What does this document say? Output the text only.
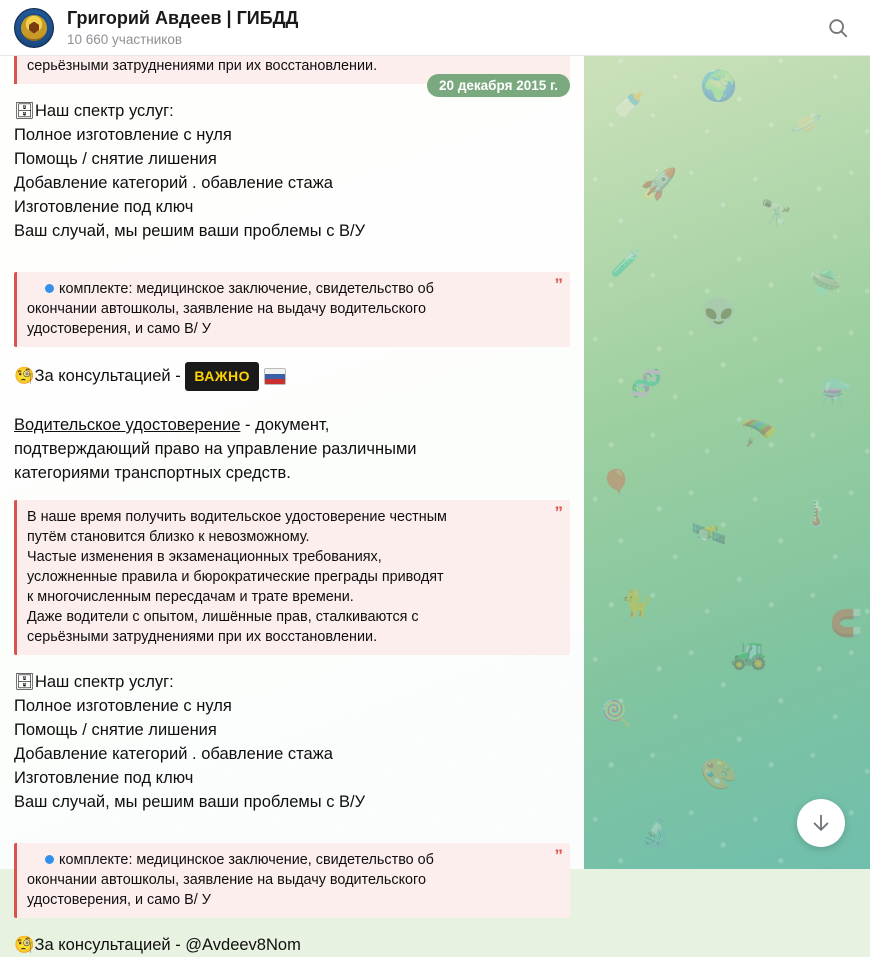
🍼
🌍
🪐
🚀
🔭
🧪
👽
🛸
🧬
🪂
⚗️
🎈
🛰️
🌡️
🐈
🚜
🧲
🍭
🎨
🔬
Григорий Авдеев | ГИБДД
10 660 участников
20 декабря 2015 г.
серьёзными затруднениями при их восстановлении.
🗄Наш спектр услуг:
Полное изготовление с нуля
Помощь / снятие лишения
Добавление категорий . обавление стажа
Изготовление под ключ
Ваш случай, мы решим ваши проблемы с В/У
”
комплекте: медицинское заключение, свидетельство об
окончании автошколы, заявление на выдачу водительского
удостоверения, и само В/ У
🧐За консультацией - ВАЖНО
Водительское удостоверение - документ,
подтверждающий право на управление различными
категориями транспортных средств.
”
В наше время получить водительское удостоверение честным
путём становится близко к невозможному.
Частые изменения в экзаменационных требованиях,
усложненные правила и бюрократические преграды приводят
к многочисленным пересдачам и трате времени.
Даже водители с опытом, лишённые прав, сталкиваются с
серьёзными затруднениями при их восстановлении.
🗄Наш спектр услуг:
Полное изготовление с нуля
Помощь / снятие лишения
Добавление категорий . обавление стажа
Изготовление под ключ
Ваш случай, мы решим ваши проблемы с В/У
”
комплекте: медицинское заключение, свидетельство об
окончании автошколы, заявление на выдачу водительского
удостоверения, и само В/ У
🧐За консультацией - @Avdeev8Nom
